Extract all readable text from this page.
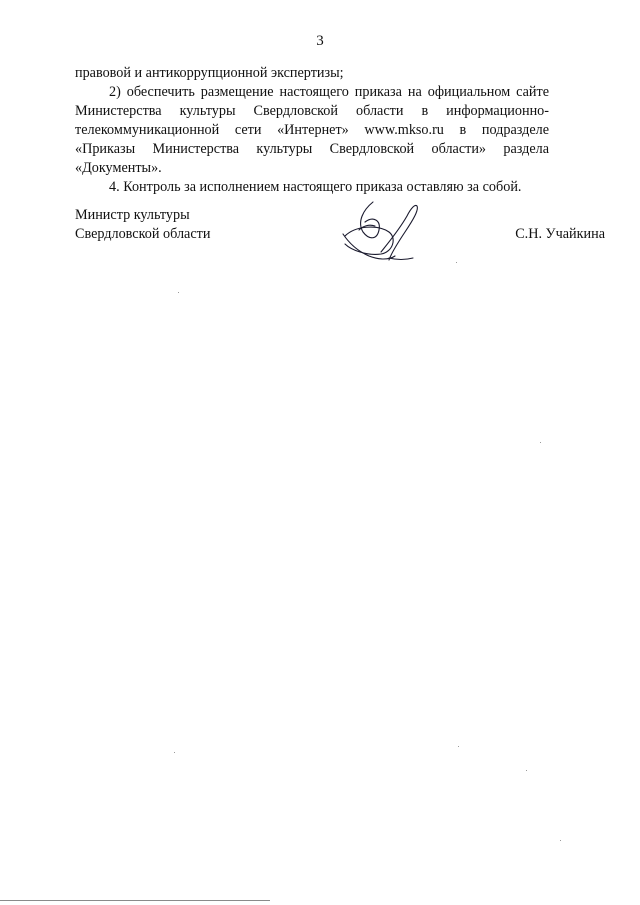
3

правовой и антикоррупционной экспертизы;

2) обеспечить размещение настоящего приказа на официальном сайте Министерства культуры Свердловской области в информационно-телекоммуникационной сети «Интернет» www.mkso.ru в подразделе «Приказы Министерства культуры Свердловской области» раздела «Документы».

4. Контроль за исполнением настоящего приказа оставляю за собой.

Министр культуры
Свердловской области	С.Н. Учайкина
